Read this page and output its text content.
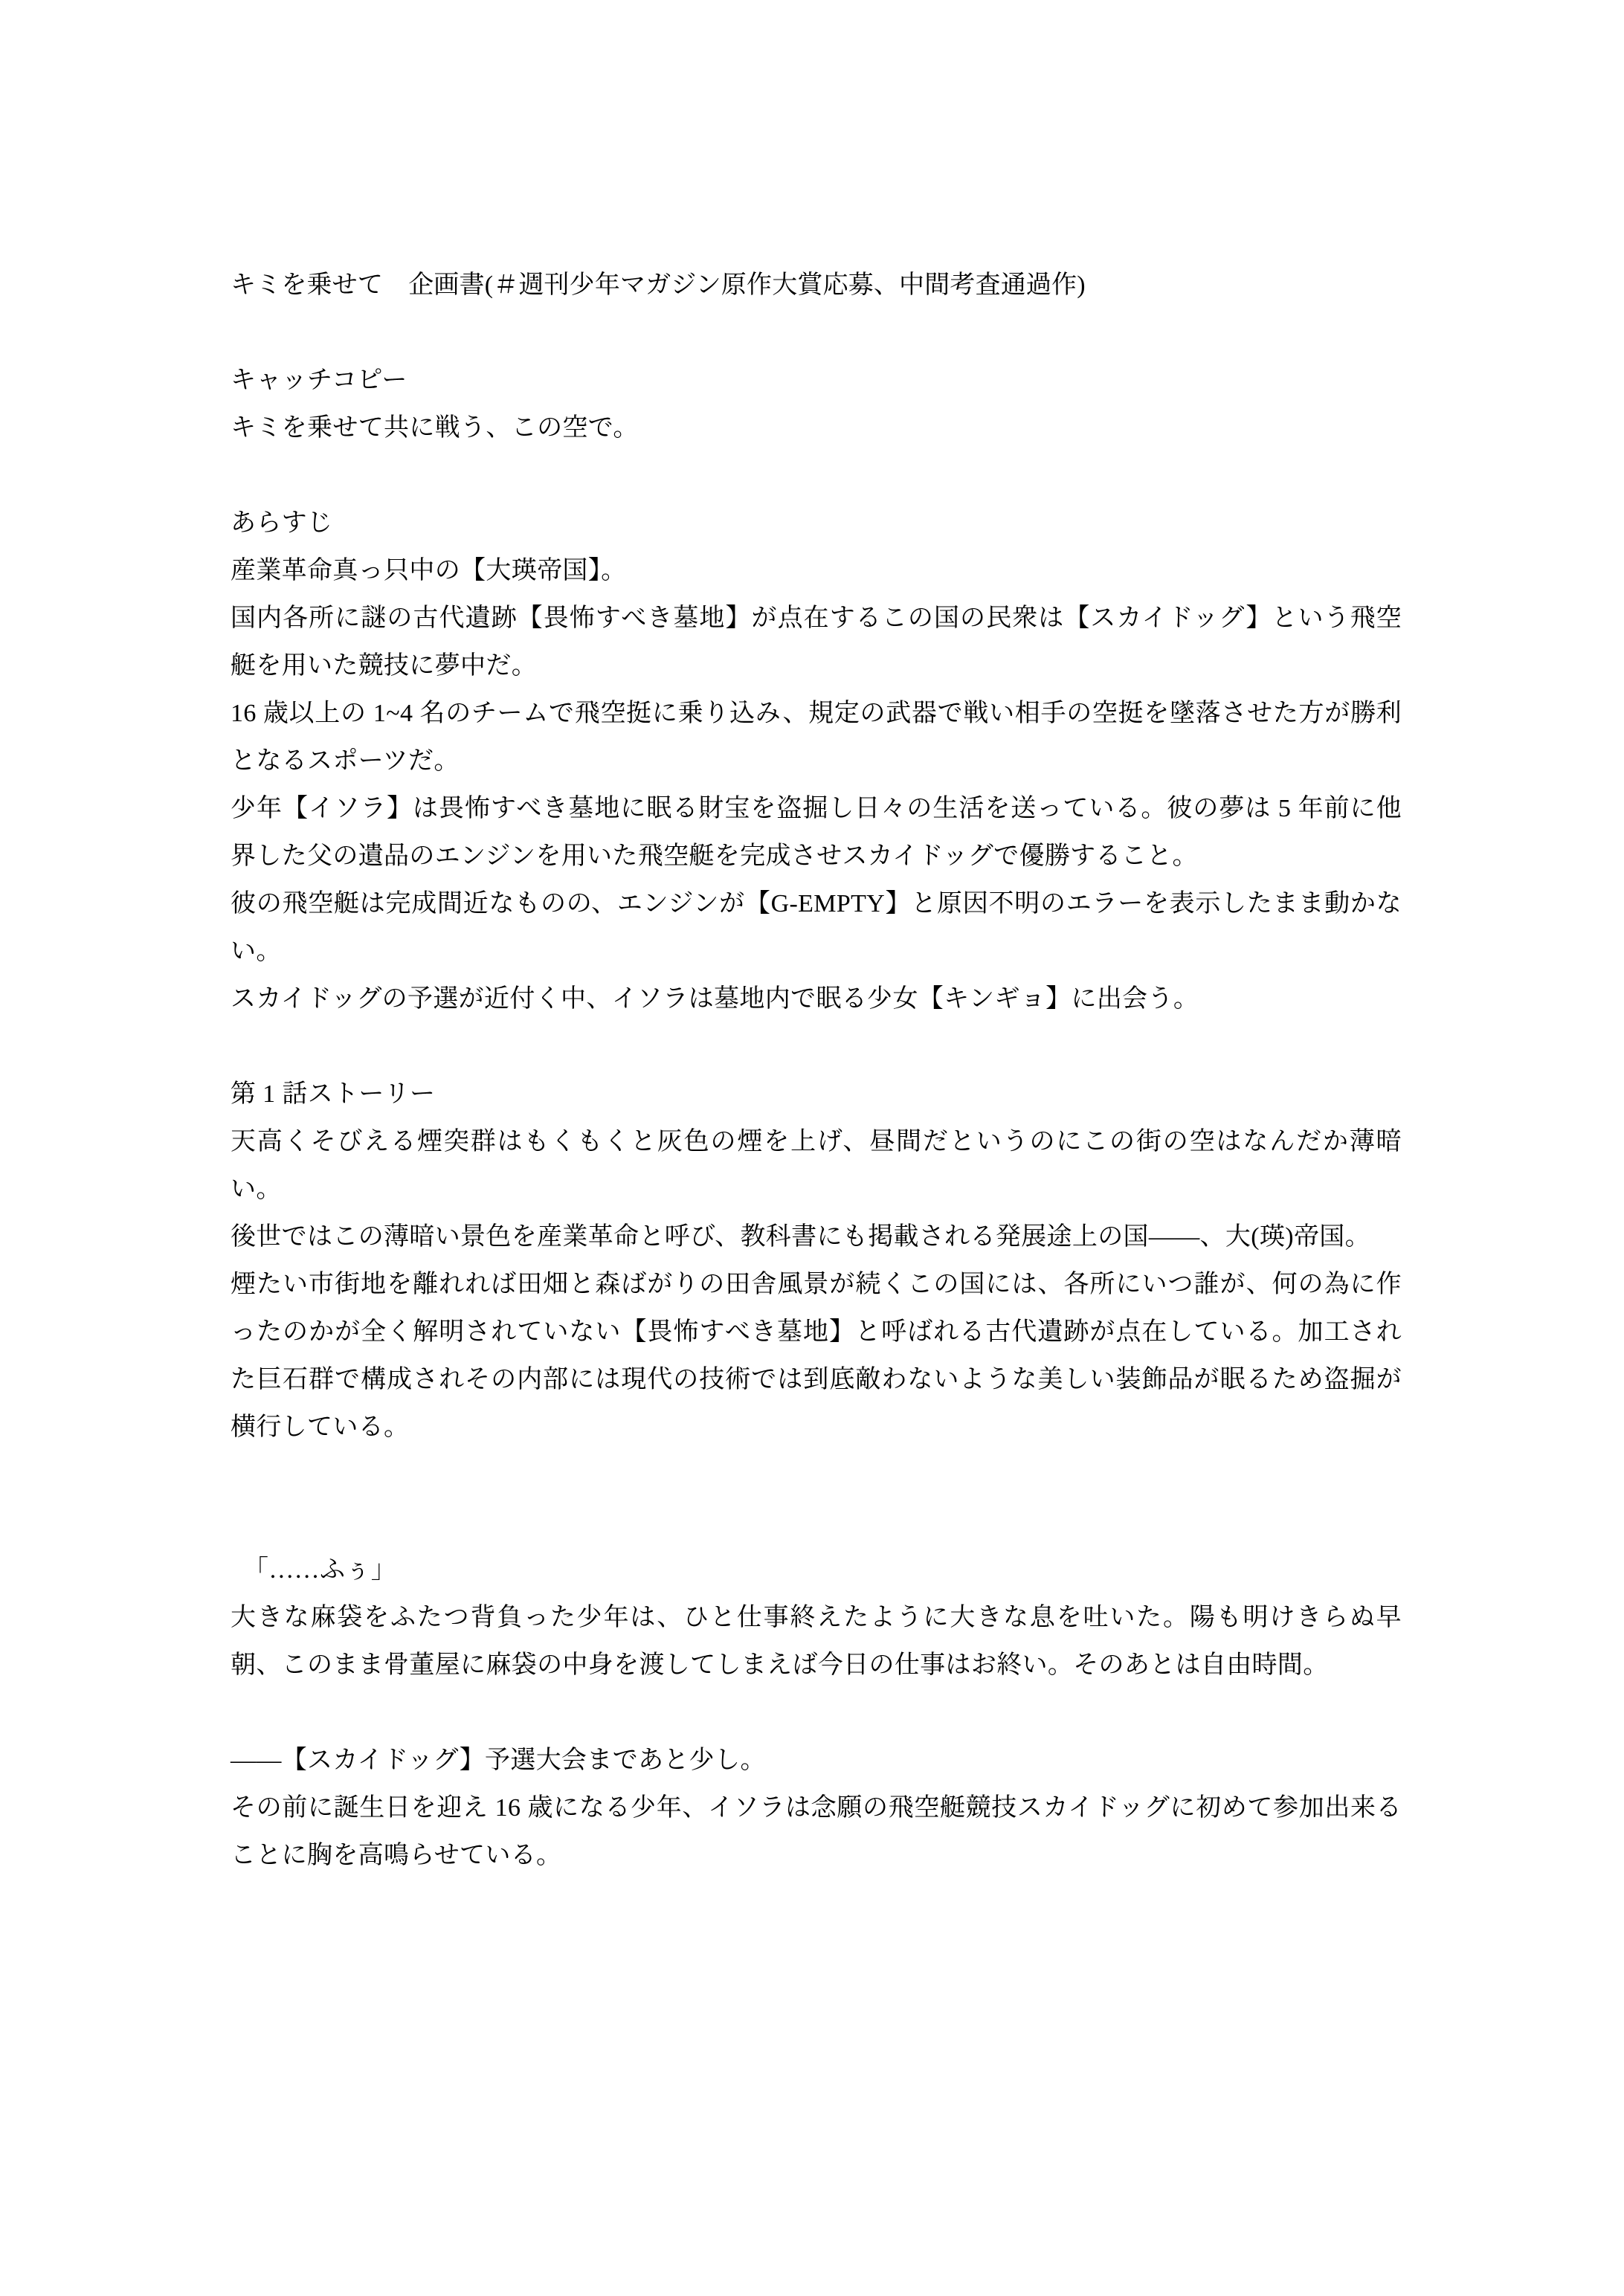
キミを乗せて　企画書(＃週刊少年マガジン原作大賞応募、中間考査通過作)
キャッチコピー
キミを乗せて共に戦う、この空で。
あらすじ
産業革命真っ只中の【大瑛帝国】。
国内各所に謎の古代遺跡【畏怖すべき墓地】が点在するこの国の民衆は【スカイドッグ】という飛空艇を用いた競技に夢中だ。
16 歳以上の 1~4 名のチームで飛空挺に乗り込み、規定の武器で戦い相手の空挺を墜落させた方が勝利となるスポーツだ。
少年【イソラ】は畏怖すべき墓地に眠る財宝を盗掘し日々の生活を送っている。彼の夢は 5 年前に他界した父の遺品のエンジンを用いた飛空艇を完成させスカイドッグで優勝すること。
彼の飛空艇は完成間近なものの、エンジンが【G-EMPTY】と原因不明のエラーを表示したまま動かない。
スカイドッグの予選が近付く中、イソラは墓地内で眠る少女【キンギョ】に出会う。
第 1 話ストーリー
天高くそびえる煙突群はもくもくと灰色の煙を上げ、昼間だというのにこの街の空はなんだか薄暗い。
後世ではこの薄暗い景色を産業革命と呼び、教科書にも掲載される発展途上の国——、大(瑛)帝国。
煙たい市街地を離れれば田畑と森ばがりの田舎風景が続くこの国には、各所にいつ誰が、何の為に作ったのかが全く解明されていない【畏怖すべき墓地】と呼ばれる古代遺跡が点在している。加工された巨石群で構成されその内部には現代の技術では到底敵わないような美しい装飾品が眠るため盗掘が横行している。
「……ふぅ」
大きな麻袋をふたつ背負った少年は、ひと仕事終えたように大きな息を吐いた。陽も明けきらぬ早朝、このまま骨董屋に麻袋の中身を渡してしまえば今日の仕事はお終い。そのあとは自由時間。
——【スカイドッグ】予選大会まであと少し。
その前に誕生日を迎え 16 歳になる少年、イソラは念願の飛空艇競技スカイドッグに初めて参加出来ることに胸を高鳴らせている。
